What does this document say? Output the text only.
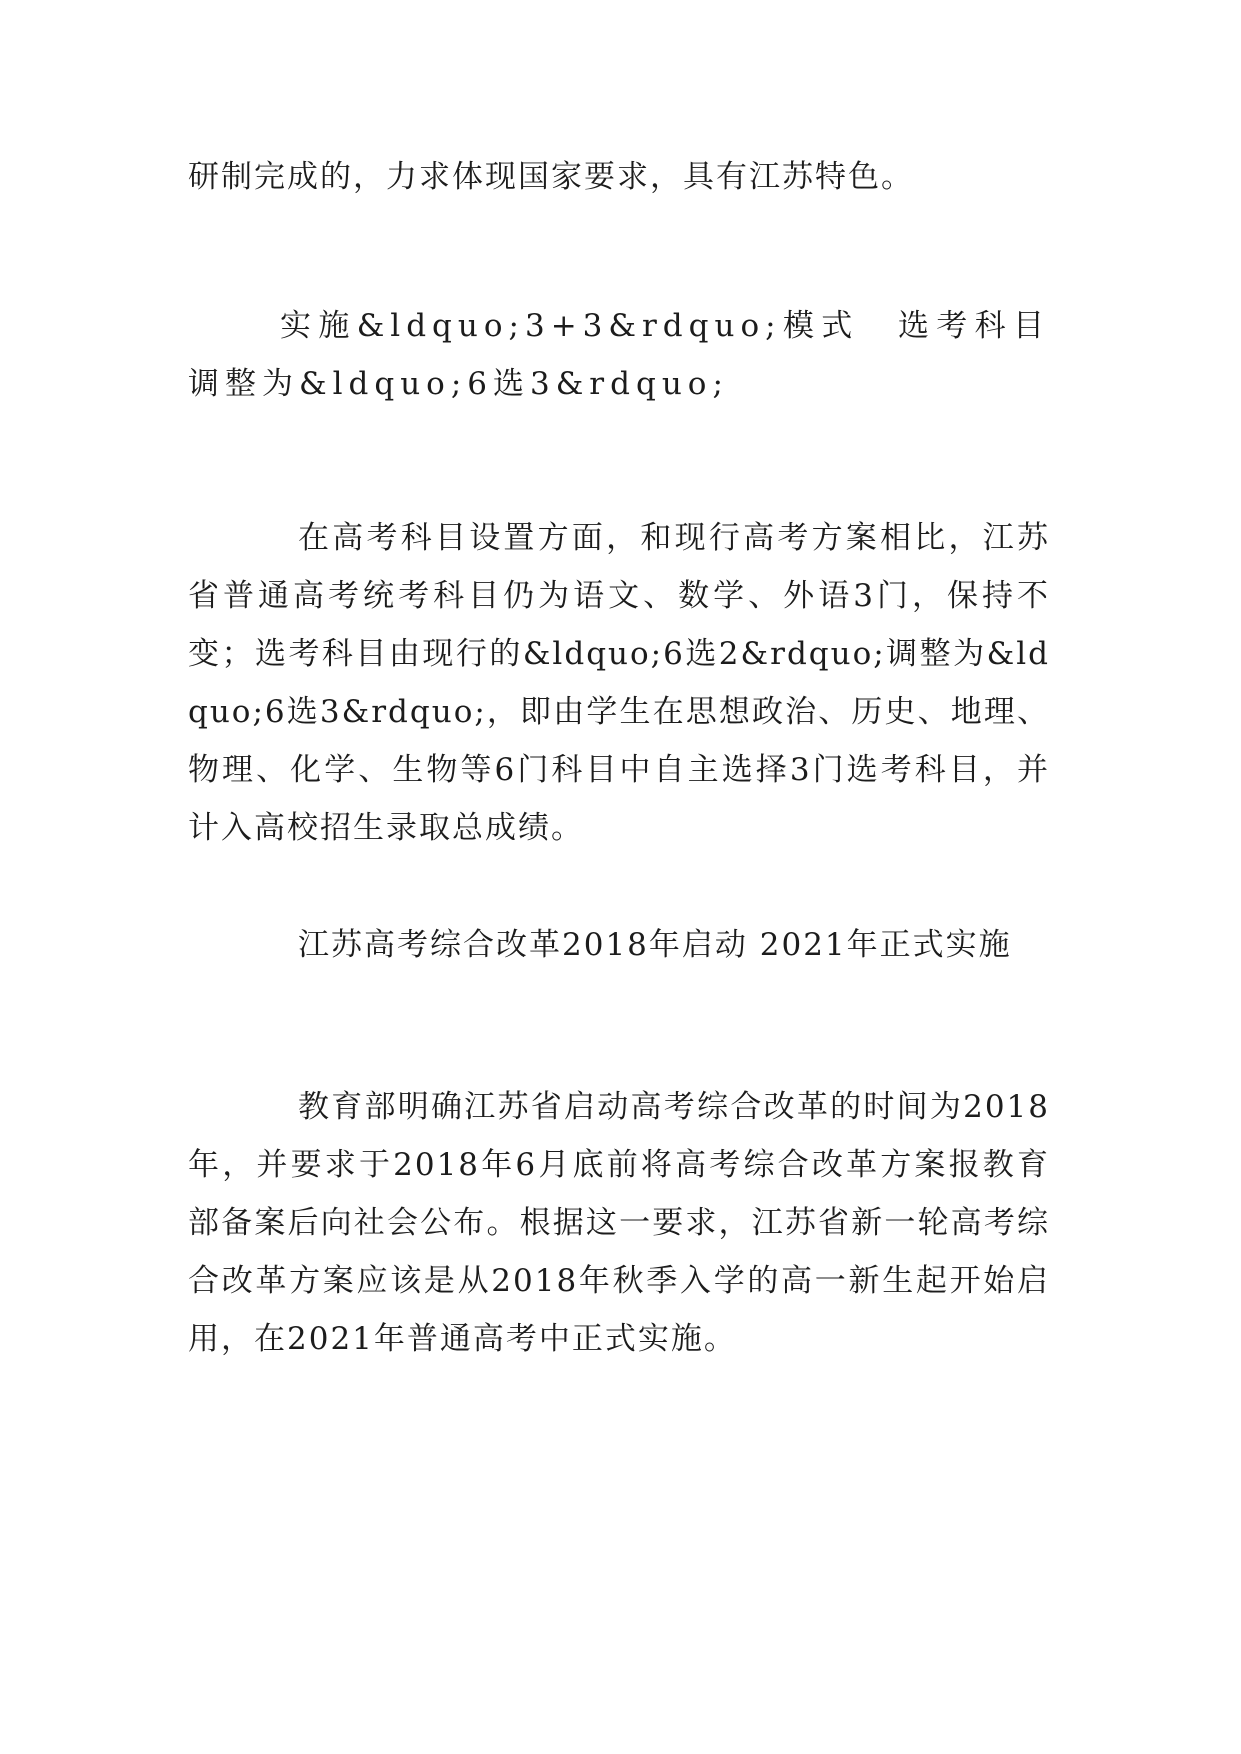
研制完成的，力求体现国家要求，具有江苏特色。

实施&ldquo;3+3&rdquo;模式　选考科目调整为&ldquo;6选3&rdquo;

在高考科目设置方面，和现行高考方案相比，江苏省普通高考统考科目仍为语文、数学、外语3门，保持不变；选考科目由现行的&ldquo;6选2&rdquo;调整为&ldquo;6选3&rdquo;，即由学生在思想政治、历史、地理、物理、化学、生物等6门科目中自主选择3门选考科目，并计入高校招生录取总成绩。

江苏高考综合改革2018年启动 2021年正式实施

教育部明确江苏省启动高考综合改革的时间为2018年，并要求于2018年6月底前将高考综合改革方案报教育部备案后向社会公布。根据这一要求，江苏省新一轮高考综合改革方案应该是从2018年秋季入学的高一新生起开始启用，在2021年普通高考中正式实施。
